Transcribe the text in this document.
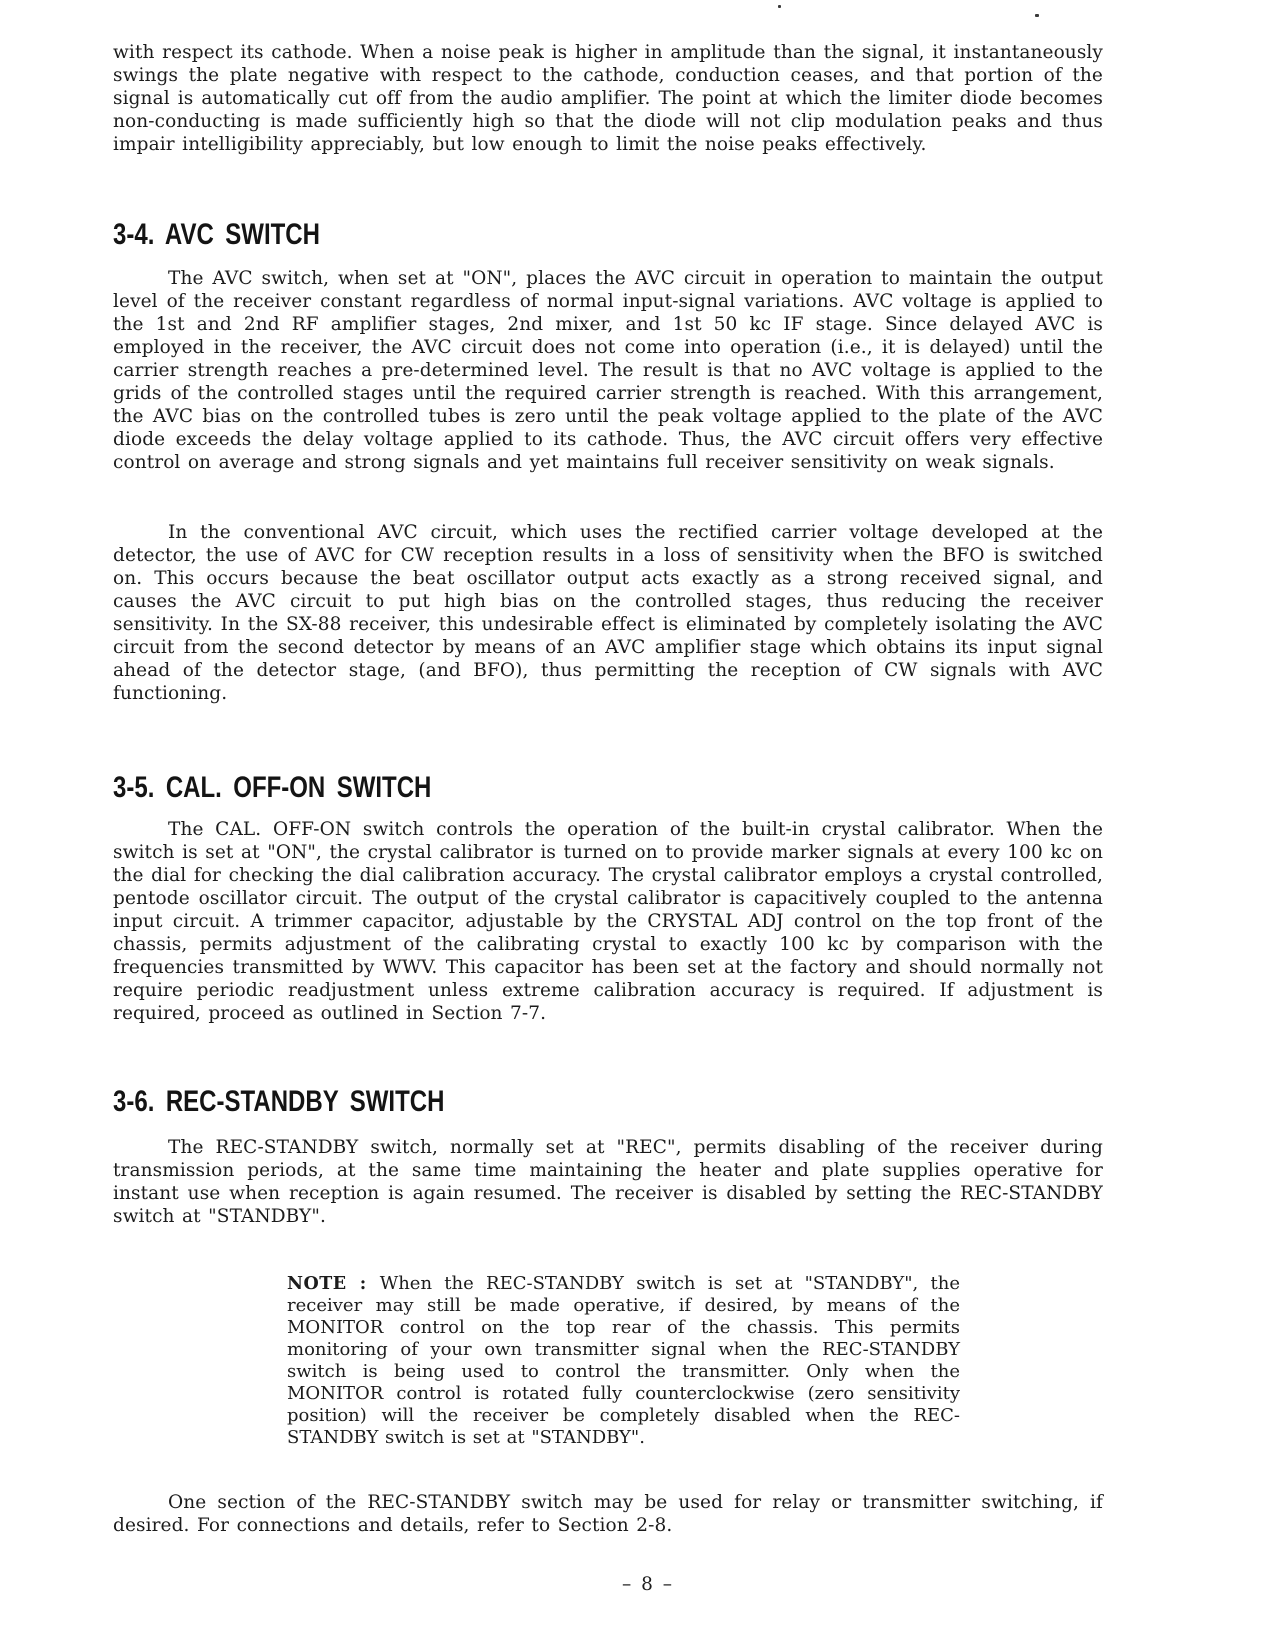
with respect its cathode. When a noise peak is higher in amplitude than the signal, it instantaneously swings the plate negative with respect to the cathode, conduction ceases, and that portion of the signal is automatically cut off from the audio amplifier. The point at which the limiter diode becomes non-conducting is made sufficiently high so that the diode will not clip modulation peaks and thus impair intelligibility appreciably, but low enough to limit the noise peaks effectively.

3-4. AVC SWITCH

The AVC switch, when set at "ON", places the AVC circuit in operation to maintain the output level of the receiver constant regardless of normal input-signal variations. AVC voltage is applied to the 1st and 2nd RF amplifier stages, 2nd mixer, and 1st 50 kc IF stage. Since delayed AVC is employed in the receiver, the AVC circuit does not come into operation (i.e., it is delayed) until the carrier strength reaches a pre-determined level. The result is that no AVC voltage is applied to the grids of the controlled stages until the required carrier strength is reached. With this arrangement, the AVC bias on the controlled tubes is zero until the peak voltage applied to the plate of the AVC diode exceeds the delay voltage applied to its cathode. Thus, the AVC circuit offers very effective control on average and strong signals and yet maintains full receiver sensitivity on weak signals.

In the conventional AVC circuit, which uses the rectified carrier voltage developed at the detector, the use of AVC for CW reception results in a loss of sensitivity when the BFO is switched on. This occurs because the beat oscillator output acts exactly as a strong received signal, and causes the AVC circuit to put high bias on the controlled stages, thus reducing the receiver sensitivity. In the SX-88 receiver, this undesirable effect is eliminated by completely isolating the AVC circuit from the second detector by means of an AVC amplifier stage which obtains its input signal ahead of the detector stage, (and BFO), thus permitting the reception of CW signals with AVC functioning.

3-5. CAL. OFF-ON SWITCH

The CAL. OFF-ON switch controls the operation of the built-in crystal calibrator. When the switch is set at "ON", the crystal calibrator is turned on to provide marker signals at every 100 kc on the dial for checking the dial calibration accuracy. The crystal calibrator employs a crystal controlled, pentode oscillator circuit. The output of the crystal calibrator is capacitively coupled to the antenna input circuit. A trimmer capacitor, adjustable by the CRYSTAL ADJ control on the top front of the chassis, permits adjustment of the calibrating crystal to exactly 100 kc by comparison with the frequencies transmitted by WWV. This capacitor has been set at the factory and should normally not require periodic readjustment unless extreme calibration accuracy is required. If adjustment is required, proceed as outlined in Section 7-7.

3-6. REC-STANDBY SWITCH

The REC-STANDBY switch, normally set at "REC", permits disabling of the receiver during transmission periods, at the same time maintaining the heater and plate supplies operative for instant use when reception is again resumed. The receiver is disabled by setting the REC-STANDBY switch at "STANDBY".

NOTE : When the REC-STANDBY switch is set at "STANDBY", the receiver may still be made operative, if desired, by means of the MONITOR control on the top rear of the chassis. This permits monitoring of your own transmitter signal when the REC-STANDBY switch is being used to control the transmitter. Only when the MONITOR control is rotated fully counterclockwise (zero sensitivity position) will the receiver be completely disabled when the REC-STANDBY switch is set at "STANDBY".

One section of the REC-STANDBY switch may be used for relay or transmitter switching, if desired. For connections and details, refer to Section 2-8.

– 8 –
